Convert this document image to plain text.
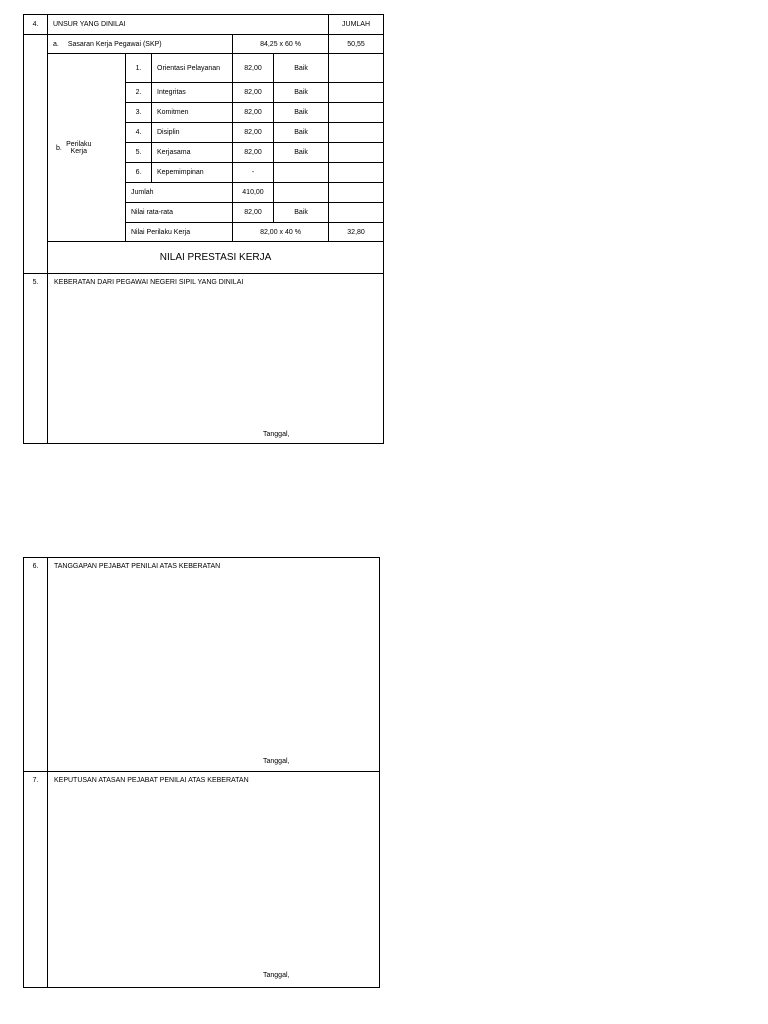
4.	UNSUR YANG DINILAI					JUMLAH	
	a. Sasaran Kerja Pegawai (SKP)			84,25 x 60 %		50,55	
	b. Perilaku Kerja	1.	Orientasi Pelayanan	82,00	Baik		
		2.	Integritas	82,00	Baik		
		3.	Komitmen	82,00	Baik		
		4.	Disiplin	82,00	Baik		
		5.	Kerjasama	82,00	Baik		
		6.	Kepemimpinan	-			
		Jumlah		410,00			
		Nilai rata-rata		82,00	Baik		
		Nilai Perilaku Kerja		82,00 x 40 %		32,80	
	NILAI PRESTASI KERJA	

5.	KEBERATAN DARI PEGAWAI NEGERI SIPIL YANG DINILAI
Tanggal,						
6.	TANGGAPAN PEJABAT PENILAI ATAS KEBERATAN
Tanggal,

7.	KEPUTUSAN ATASAN PEJABAT PENILAI ATAS KEBERATAN
Tanggal,
